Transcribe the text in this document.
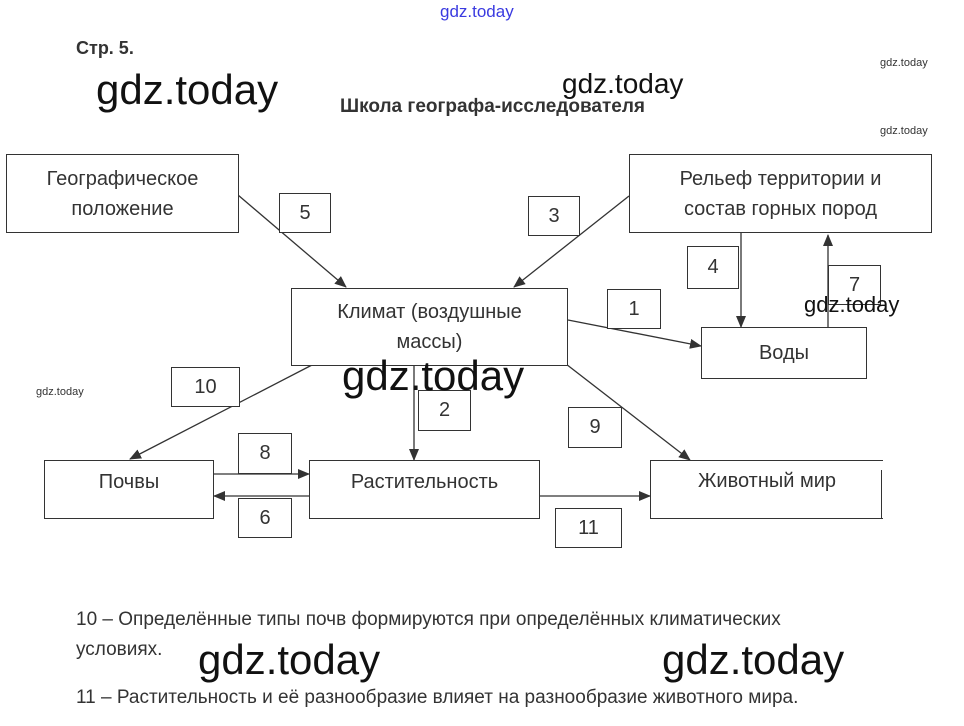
gdz.today
Стр. 5.
Школа географа-исследователя
Географическое
положение
Рельеф территории и
состав горных пород
Климат (воздушные
массы)	Воды
Почвы	Растительность	Животный мир
5	3
4
7
1
10
2
9
8
6	11
gdz.today
gdz.today
gdz.today
gdz.today
gdz.today
gdz.today
gdz.today
10 – Определённые типы почв формируются при определённых климатических
условиях.
11 – Растительность и её разнообразие влияет на разнообразие животного мира.
gdz.today	gdz.today
